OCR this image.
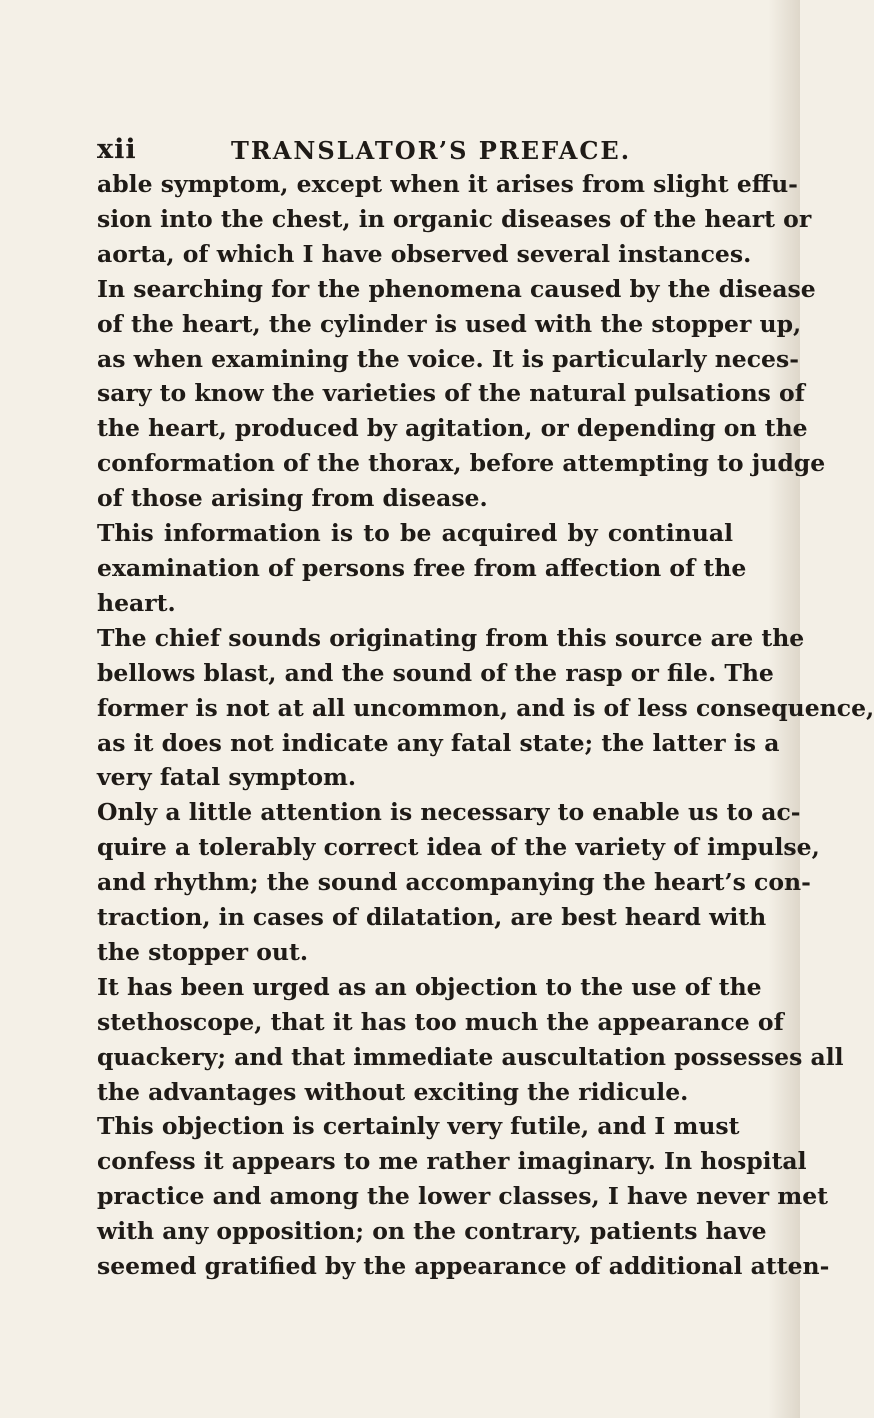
xii	TRANSLATOR’S PREFACE.
able symptom, except when it arises from slight effu-
sion into the chest, in organic diseases of the heart or
aorta, of which I have observed several instances.
In searching for the phenomena caused by the disease
of the heart, the cylinder is used with the stopper up,
as when examining the voice. It is particularly neces-
sary to know the varieties of the natural pulsations of
the heart, produced by agitation, or depending on the
conformation of the thorax, before attempting to judge
of those arising from disease.
This information is to be acquired by continual
examination of persons free from affection of the
heart.
The chief sounds originating from this source are the
bellows blast, and the sound of the rasp or file. The
former is not at all uncommon, and is of less consequence,
as it does not indicate any fatal state; the latter is a
very fatal symptom.
Only a little attention is necessary to enable us to ac-
quire a tolerably correct idea of the variety of impulse,
and rhythm; the sound accompanying the heart’s con-
traction, in cases of dilatation, are best heard with
the stopper out.
It has been urged as an objection to the use of the
stethoscope, that it has too much the appearance of
quackery; and that immediate auscultation possesses all
the advantages without exciting the ridicule.
This objection is certainly very futile, and I must
confess it appears to me rather imaginary. In hospital
practice and among the lower classes, I have never met
with any opposition; on the contrary, patients have
seemed gratified by the appearance of additional atten-
